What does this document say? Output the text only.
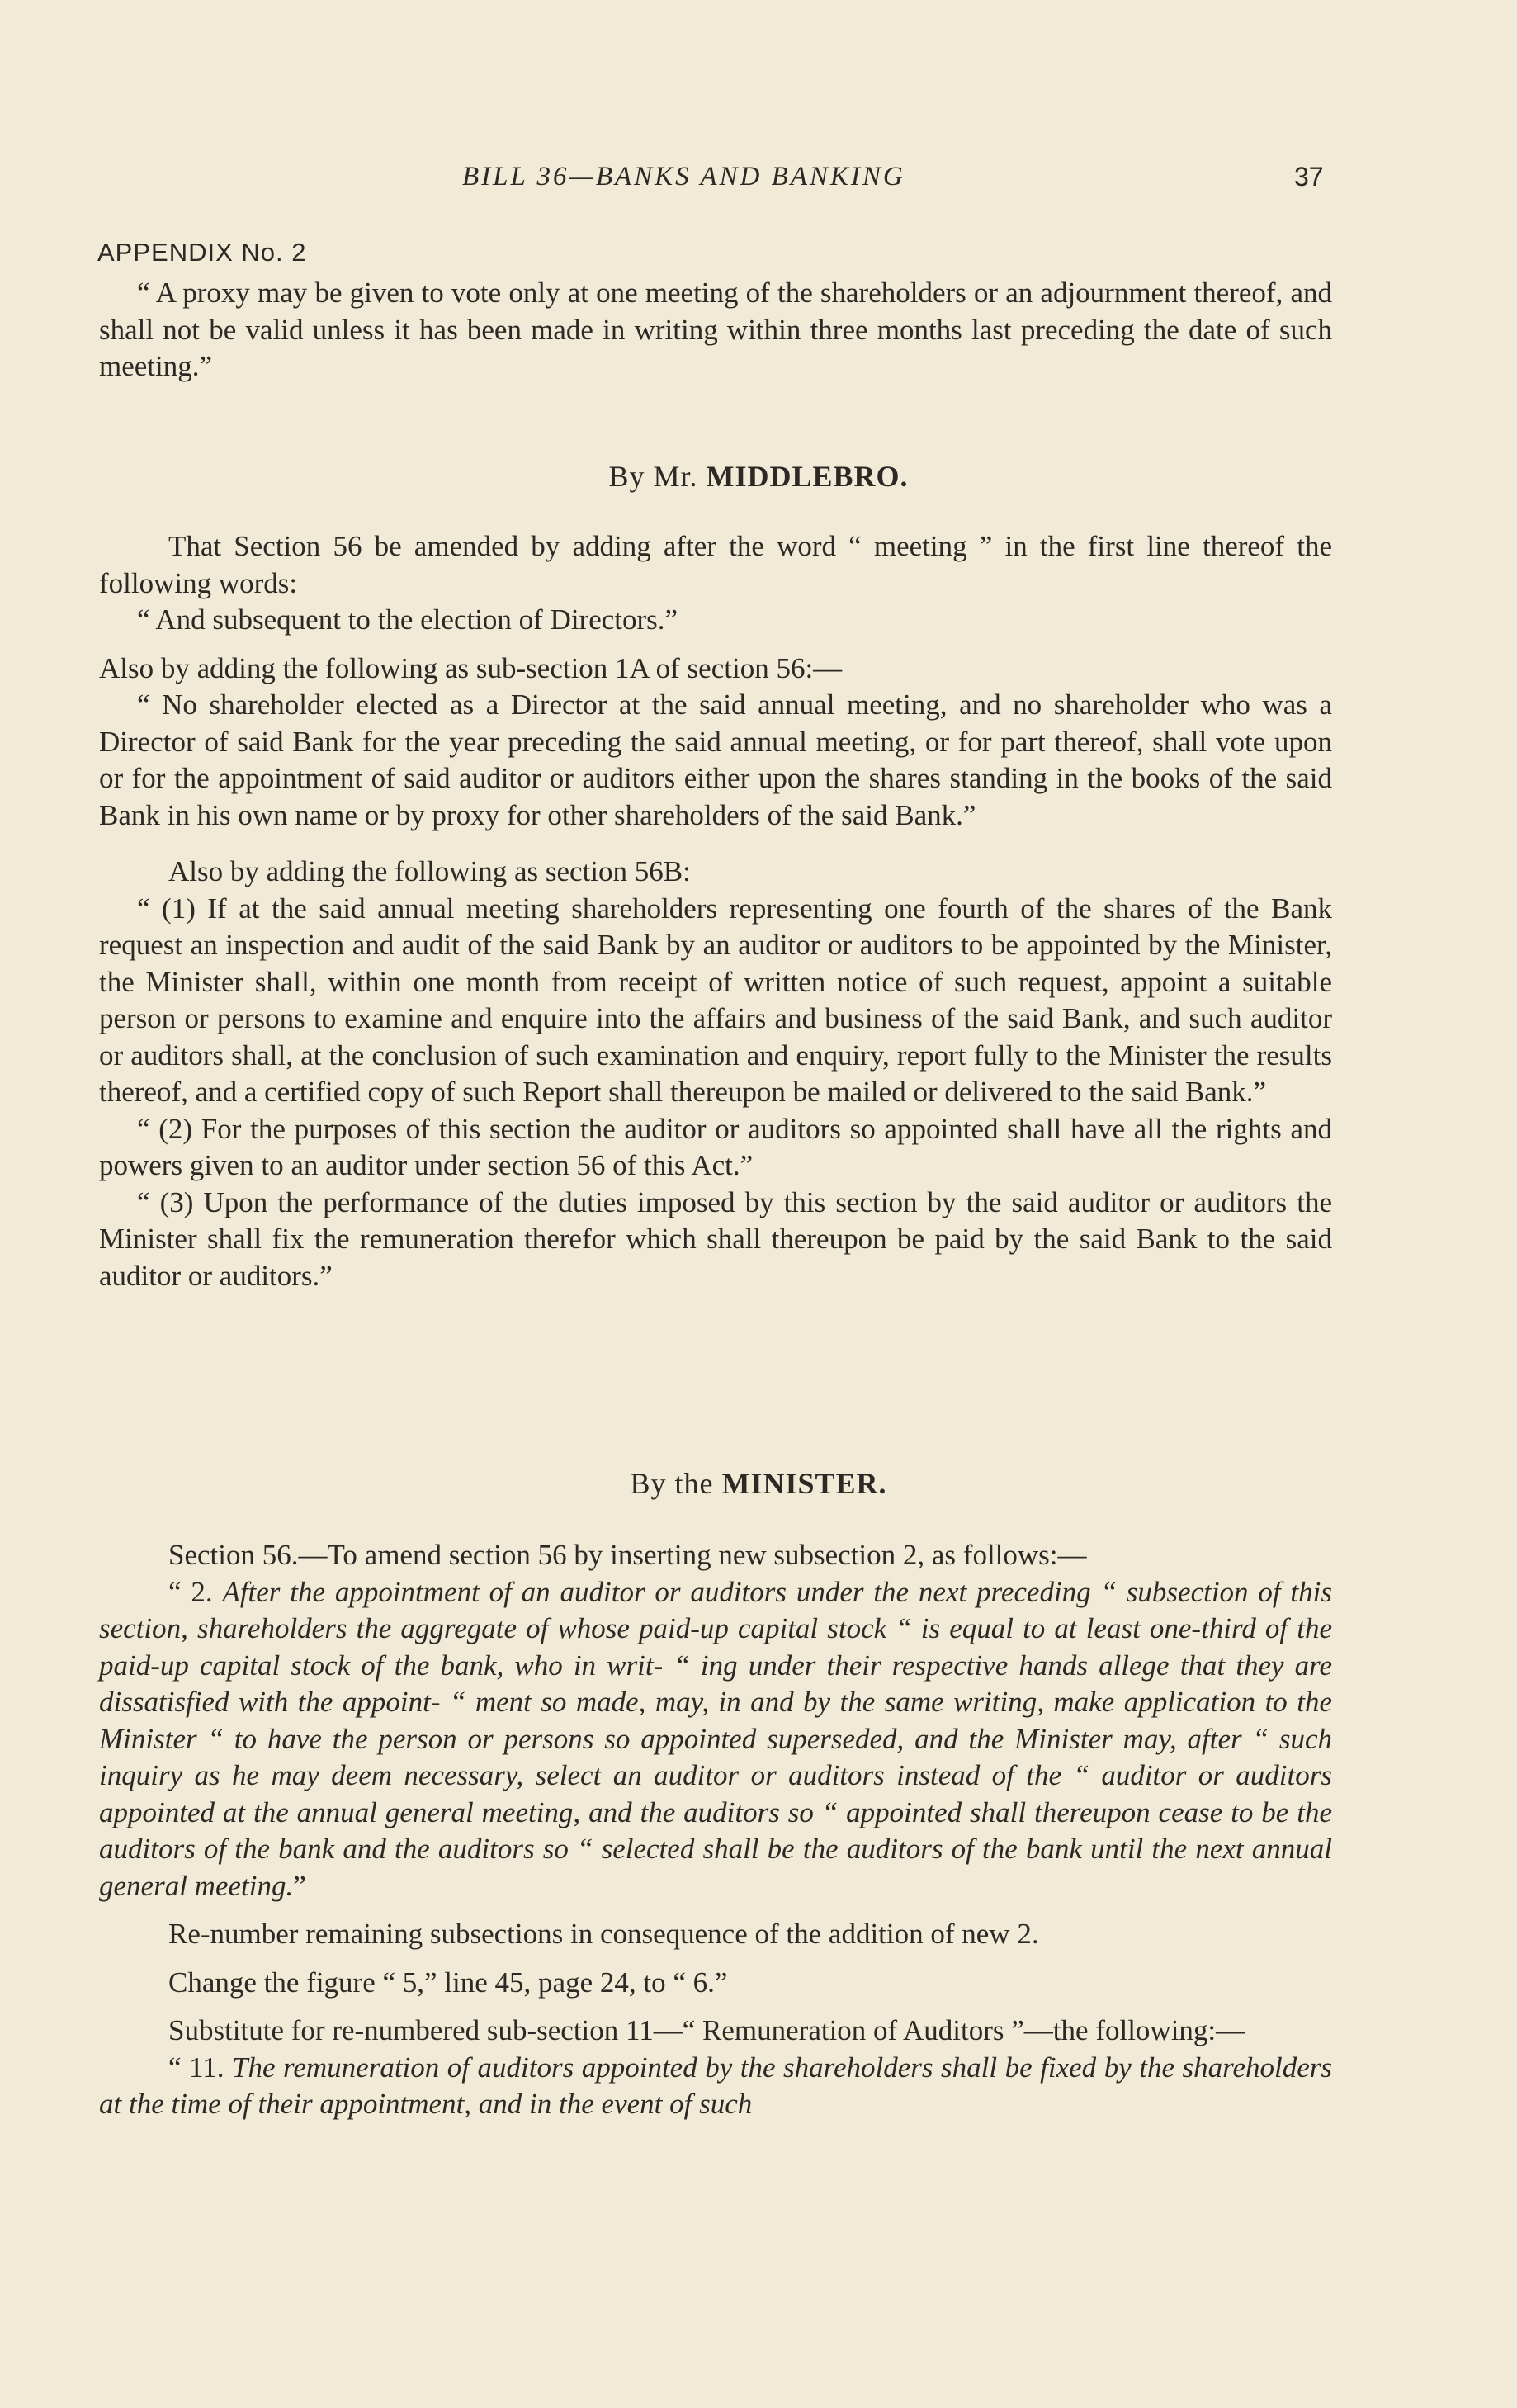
BILL 36—BANKS AND BANKING	37
APPENDIX No. 2

“ A proxy may be given to vote only at one meeting of the shareholders or an adjournment thereof, and shall not be valid unless it has been made in writing within three months last preceding the date of such meeting.”

By Mr. MIDDLEBRO.

That Section 56 be amended by adding after the word “ meeting ” in the first line thereof the following words:

“ And subsequent to the election of Directors.”

Also by adding the following as sub-section 1A of section 56:—

“ No shareholder elected as a Director at the said annual meeting, and no shareholder who was a Director of said Bank for the year preceding the said annual meeting, or for part thereof, shall vote upon or for the appointment of said auditor or auditors either upon the shares standing in the books of the said Bank in his own name or by proxy for other shareholders of the said Bank.”

Also by adding the following as section 56B:

“ (1) If at the said annual meeting shareholders representing one fourth of the shares of the Bank request an inspection and audit of the said Bank by an auditor or auditors to be appointed by the Minister, the Minister shall, within one month from receipt of written notice of such request, appoint a suitable person or persons to examine and enquire into the affairs and business of the said Bank, and such auditor or auditors shall, at the conclusion of such examination and enquiry, report fully to the Minister the results thereof, and a certified copy of such Report shall thereupon be mailed or delivered to the said Bank.”

“ (2) For the purposes of this section the auditor or auditors so appointed shall have all the rights and powers given to an auditor under section 56 of this Act.”

“ (3) Upon the performance of the duties imposed by this section by the said auditor or auditors the Minister shall fix the remuneration therefor which shall thereupon be paid by the said Bank to the said auditor or auditors.”

By the MINISTER.

Section 56.—To amend section 56 by inserting new subsection 2, as follows:—

“ 2. After the appointment of an auditor or auditors under the next preceding “ subsection of this section, shareholders the aggregate of whose paid-up capital stock “ is equal to at least one-third of the paid-up capital stock of the bank, who in writ- “ ing under their respective hands allege that they are dissatisfied with the appoint- “ ment so made, may, in and by the same writing, make application to the Minister “ to have the person or persons so appointed superseded, and the Minister may, after “ such inquiry as he may deem necessary, select an auditor or auditors instead of the “ auditor or auditors appointed at the annual general meeting, and the auditors so “ appointed shall thereupon cease to be the auditors of the bank and the auditors so “ selected shall be the auditors of the bank until the next annual general meeting.”

Re-number remaining subsections in consequence of the addition of new 2.

Change the figure “ 5,” line 45, page 24, to “ 6.”

Substitute for re-numbered sub-section 11—“ Remuneration of Auditors ”—the following:—

“ 11. The remuneration of auditors appointed by the shareholders shall be fixed by the shareholders at the time of their appointment, and in the event of such
